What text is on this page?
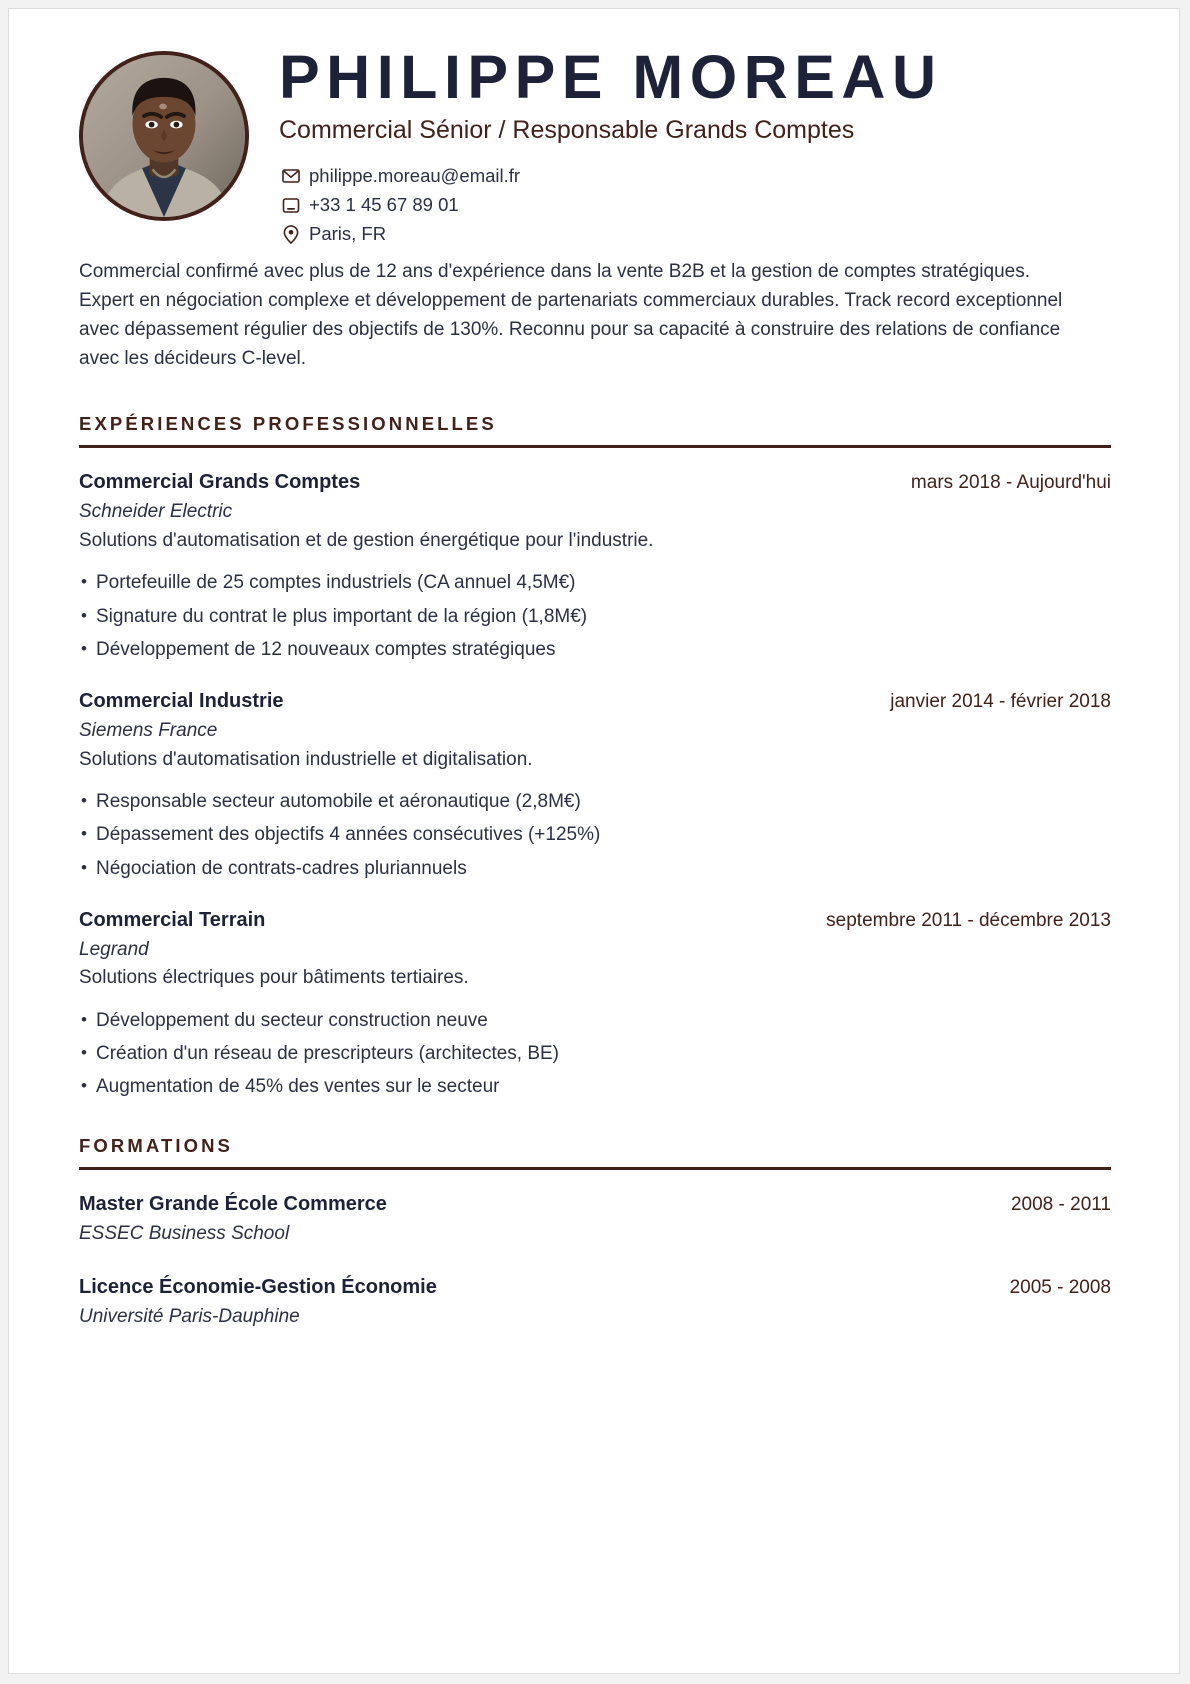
PHILIPPE MOREAU
Commercial Sénior / Responsable Grands Comptes
philippe.moreau@email.fr
+33 1 45 67 89 01
Paris, FR

Commercial confirmé avec plus de 12 ans d'expérience dans la vente B2B et la gestion de comptes stratégiques. Expert en négociation complexe et développement de partenariats commerciaux durables. Track record exceptionnel avec dépassement régulier des objectifs de 130%. Reconnu pour sa capacité à construire des relations de confiance avec les décideurs C-level.

EXPÉRIENCES PROFESSIONNELLES
Commercial Grands Comptes	mars 2018 - Aujourd'hui
Schneider Electric
Solutions d'automatisation et de gestion énergétique pour l'industrie.
• Portefeuille de 25 comptes industriels (CA annuel 4,5M€)
• Signature du contrat le plus important de la région (1,8M€)
• Développement de 12 nouveaux comptes stratégiques
Commercial Industrie	janvier 2014 - février 2018
Siemens France
Solutions d'automatisation industrielle et digitalisation.
• Responsable secteur automobile et aéronautique (2,8M€)
• Dépassement des objectifs 4 années consécutives (+125%)
• Négociation de contrats-cadres pluriannuels
Commercial Terrain	septembre 2011 - décembre 2013
Legrand
Solutions électriques pour bâtiments tertiaires.
• Développement du secteur construction neuve
• Création d'un réseau de prescripteurs (architectes, BE)
• Augmentation de 45% des ventes sur le secteur
FORMATIONS
Master Grande École Commerce	2008 - 2011
ESSEC Business School
Licence Économie-Gestion Économie	2005 - 2008
Université Paris-Dauphine
